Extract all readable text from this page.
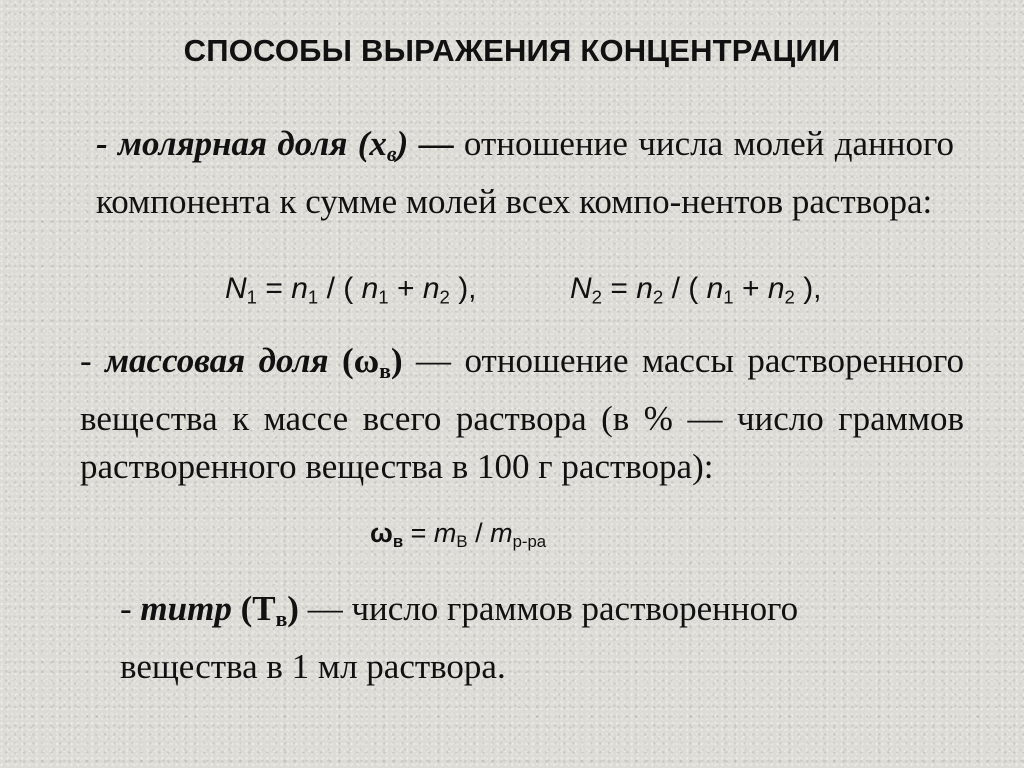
СПОСОБЫ ВЫРАЖЕНИЯ КОНЦЕНТРАЦИИ
- молярная доля $(x_в)$ — отношение числа молей данного компонента к сумме молей всех компо-нентов раствора:
N1 = n1 / ( n1 + n2 ),	N2 = n2 / ( n1 + n2 ),
- массовая доля $(\omega_в)$ — отношение массы растворенного вещества к массе всего раствора (в % — число граммов растворенного вещества в 100 г раствора):
ωв = mВ / mр-ра
- титр $(Т_в)$ — число граммов растворенного вещества в 1 мл раствора.
